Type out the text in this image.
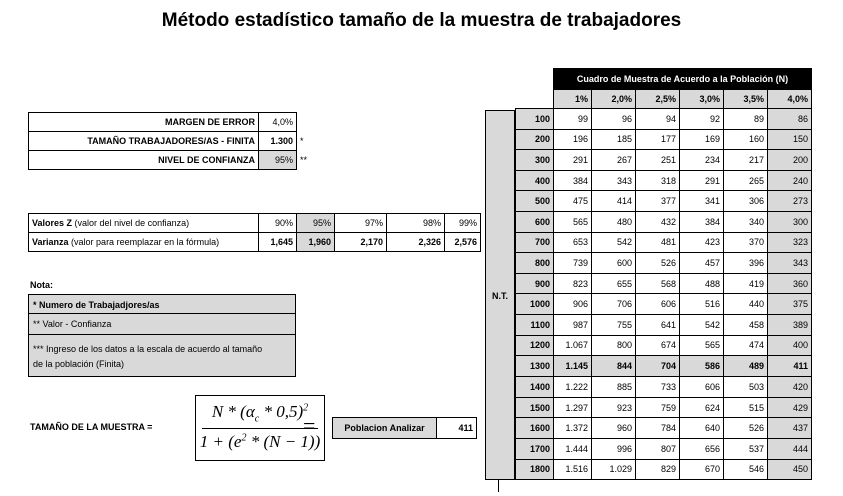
Método estadístico tamaño de la muestra de trabajadores
MARGEN DE ERROR	4,0%	
TAMAÑO TRABAJADORES/AS - FINITA	1.300	*
NIVEL DE CONFIANZA	95%	**
Valores Z (valor del nivel de confianza)	90%	95%	97%	98%	99%
Varianza (valor para reemplazar en la fórmula)	1,645	1,960	2,170	2,326	2,576
Nota:
* Numero de Trabajadjores/as
** Valor - Confianza
*** Ingreso de los datos a la escala de acuerdo al tamaño
de la población (Finita)
TAMAÑO DE LA MUESTRA =
N * $(\alpha_c * 0,5)^2$
$1 + (e^2 * (N - 1))$
=	Poblacion Analizar	411
N.T.
	Cuadro de Muestra de Acuerdo a la Población (N)					
	1%	2,0%	2,5%	3,0%	3,5%	4,0%
100	99	96	94	92	89	86
200	196	185	177	169	160	150
300	291	267	251	234	217	200
400	384	343	318	291	265	240
500	475	414	377	341	306	273
600	565	480	432	384	340	300
700	653	542	481	423	370	323
800	739	600	526	457	396	343
900	823	655	568	488	419	360
1000	906	706	606	516	440	375
1100	987	755	641	542	458	389
1200	1.067	800	674	565	474	400
1300	1.145	844	704	586	489	411
1400	1.222	885	733	606	503	420
1500	1.297	923	759	624	515	429
1600	1.372	960	784	640	526	437
1700	1.444	996	807	656	537	444
1800	1.516	1.029	829	670	546	450
